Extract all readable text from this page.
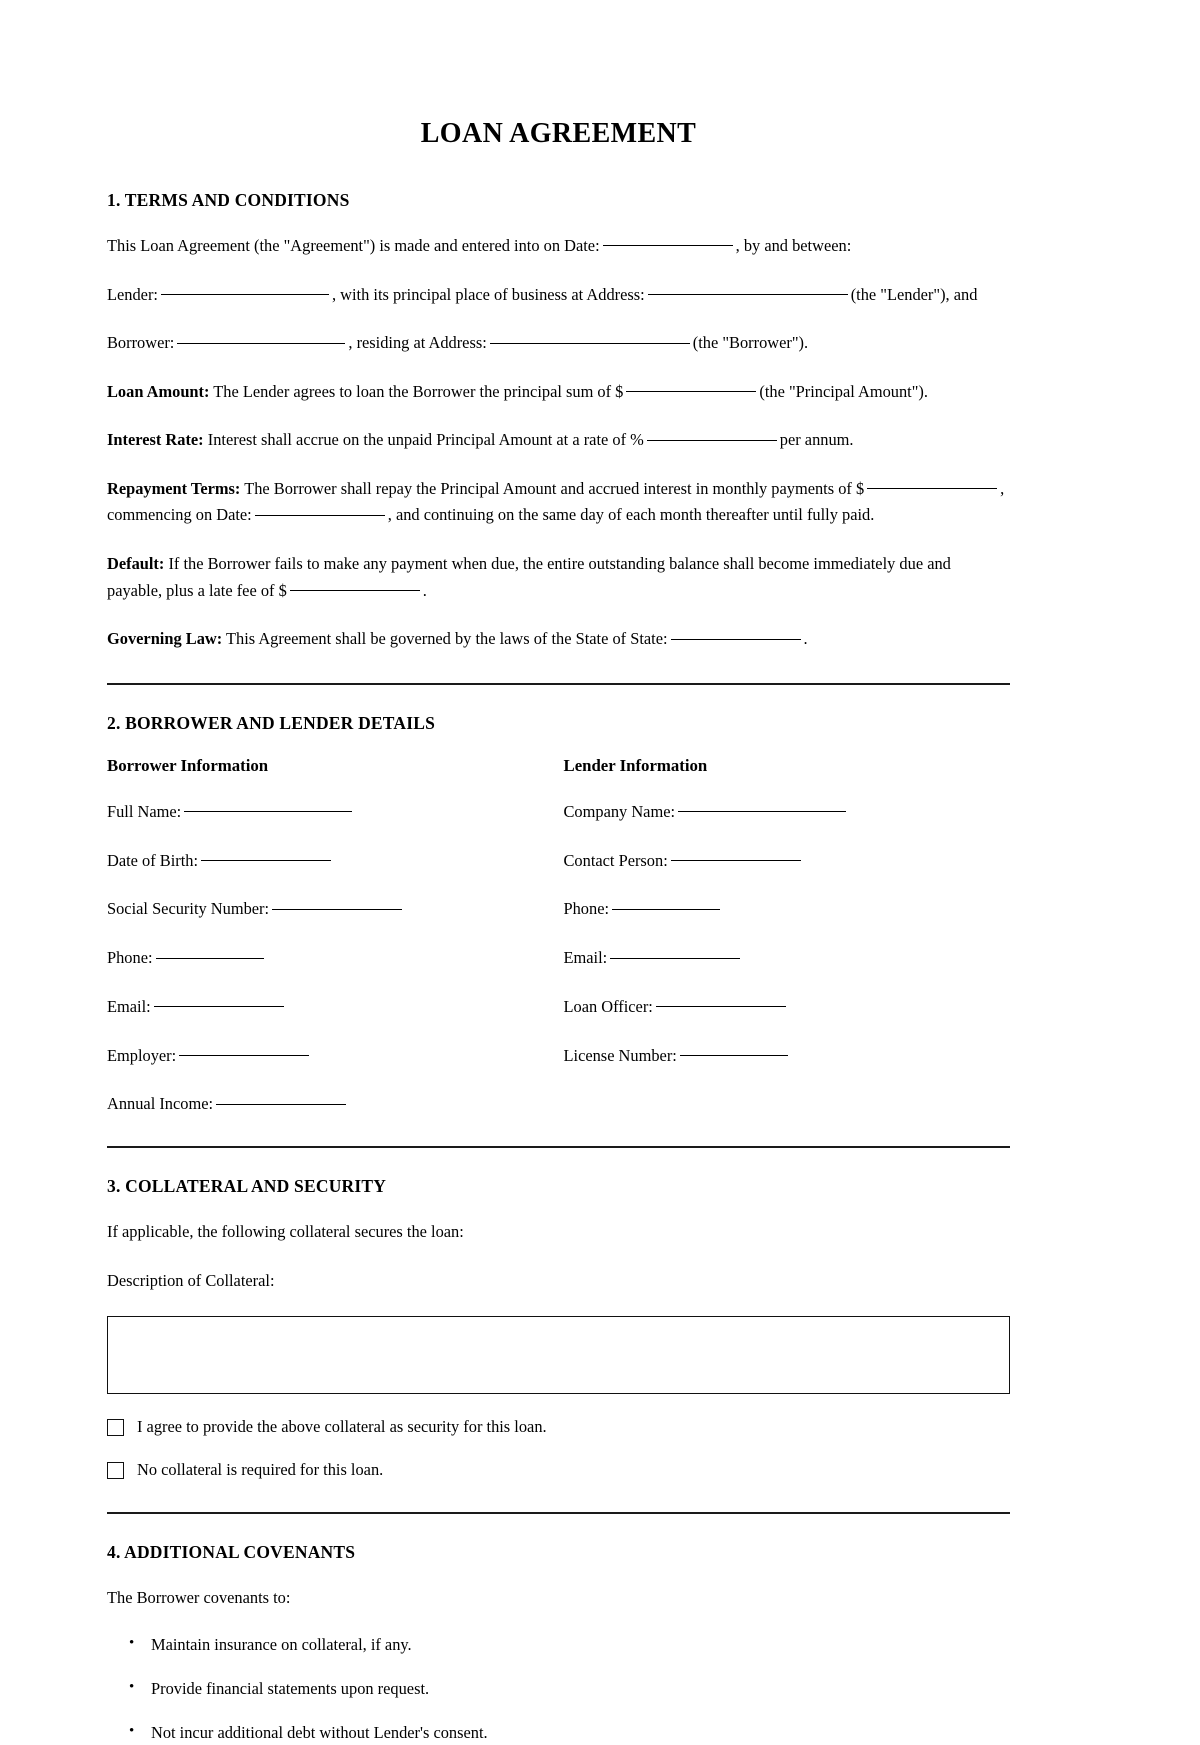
LOAN AGREEMENT
1. TERMS AND CONDITIONS

This Loan Agreement (the "Agreement") is made and entered into on Date:	, by and between:

Lender:	, with its principal place of business at Address:	(the "Lender"), and

Borrower:	, residing at Address:	(the "Borrower").

Loan Amount: The Lender agrees to loan the Borrower the principal sum of $	(the "Principal Amount").

Interest Rate: Interest shall accrue on the unpaid Principal Amount at a rate of %	per annum.

Repayment Terms: The Borrower shall repay the Principal Amount and accrued interest in monthly payments of $	, commencing on Date:	, and continuing on the same day of each month thereafter until fully paid.

Default: If the Borrower fails to make any payment when due, the entire outstanding balance shall become immediately due and payable, plus a late fee of $	.

Governing Law: This Agreement shall be governed by the laws of the State of State:	.

2. BORROWER AND LENDER DETAILS
Borrower Information
Full Name:
Date of Birth:
Social Security Number:
Phone:
Email:
Employer:
Annual Income:
Lender Information
Company Name:
Contact Person:
Phone:
Email:
Loan Officer:
License Number:
3. COLLATERAL AND SECURITY

If applicable, the following collateral secures the loan:

Description of Collateral:

I agree to provide the above collateral as security for this loan.
No collateral is required for this loan.
4. ADDITIONAL COVENANTS

The Borrower covenants to:

• Maintain insurance on collateral, if any.
• Provide financial statements upon request.
• Not incur additional debt without Lender's consent.
